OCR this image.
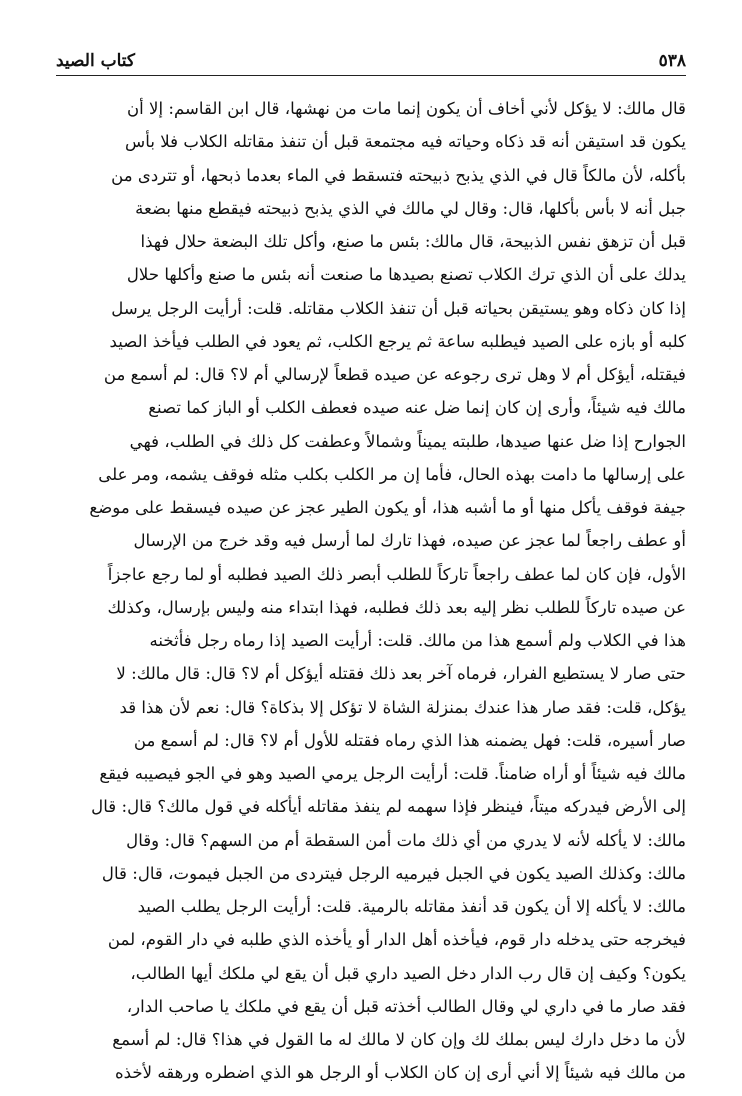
٥٣٨
كتاب الصيد
قال مالك: لا يؤكل لأني أخاف أن يكون إنما مات من نهشها، قال ابن القاسم: إلا أن
يكون قد استيقن أنه قد ذكاه وحياته فيه مجتمعة قبل أن تنفذ مقاتله الكلاب فلا بأس
بأكله، لأن مالكاً قال في الذي يذبح ذبيحته فتسقط في الماء بعدما ذبحها، أو تتردى من
جبل أنه لا بأس بأكلها، قال: وقال لي مالك في الذي يذبح ذبيحته فيقطع منها بضعة
قبل أن تزهق نفس الذبيحة، قال مالك: بئس ما صنع، وأكل تلك البضعة حلال فهذا
يدلك على أن الذي ترك الكلاب تصنع بصيدها ما صنعت أنه بئس ما صنع وأكلها حلال
إذا كان ذكاه وهو يستيقن بحياته قبل أن تنفذ الكلاب مقاتله. قلت: أرأيت الرجل يرسل
كلبه أو بازه على الصيد فيطلبه ساعة ثم يرجع الكلب، ثم يعود في الطلب فيأخذ الصيد
فيقتله، أيؤكل أم لا وهل ترى رجوعه عن صيده قطعاً لإرسالي أم لا؟ قال: لم أسمع من
مالك فيه شيئاً، وأرى إن كان إنما ضل عنه صيده فعطف الكلب أو الباز كما تصنع
الجوارح إذا ضل عنها صيدها، طلبته يميناً وشمالاً وعطفت كل ذلك في الطلب، فهي
على إرسالها ما دامت بهذه الحال، فأما إن مر الكلب بكلب مثله فوقف يشمه، ومر على
جيفة فوقف يأكل منها أو ما أشبه هذا، أو يكون الطير عجز عن صيده فيسقط على موضع
أو عطف راجعاً لما عجز عن صيده، فهذا تارك لما أرسل فيه وقد خرج من الإرسال
الأول، فإن كان لما عطف راجعاً تاركاً للطلب أبصر ذلك الصيد فطلبه أو لما رجع عاجزاً
عن صيده تاركاً للطلب نظر إليه بعد ذلك فطلبه، فهذا ابتداء منه وليس بإرسال، وكذلك
هذا في الكلاب ولم أسمع هذا من مالك. قلت: أرأيت الصيد إذا رماه رجل فأثخنه
حتى صار لا يستطيع الفرار، فرماه آخر بعد ذلك فقتله أيؤكل أم لا؟ قال: قال مالك: لا
يؤكل، قلت: فقد صار هذا عندك بمنزلة الشاة لا تؤكل إلا بذكاة؟ قال: نعم لأن هذا قد
صار أسيره، قلت: فهل يضمنه هذا الذي رماه فقتله للأول أم لا؟ قال: لم أسمع من
مالك فيه شيئاً أو أراه ضامناً. قلت: أرأيت الرجل يرمي الصيد وهو في الجو فيصيبه فيقع
إلى الأرض فيدركه ميتاً، فينظر فإذا سهمه لم ينفذ مقاتله أيأكله في قول مالك؟ قال: قال
مالك: لا يأكله لأنه لا يدري من أي ذلك مات أمن السقطة أم من السهم؟ قال: وقال
مالك: وكذلك الصيد يكون في الجبل فيرميه الرجل فيتردى من الجبل فيموت، قال: قال
مالك: لا يأكله إلا أن يكون قد أنفذ مقاتله بالرمية. قلت: أرأيت الرجل يطلب الصيد
فيخرجه حتى يدخله دار قوم، فيأخذه أهل الدار أو يأخذه الذي طلبه في دار القوم، لمن
يكون؟ وكيف إن قال رب الدار دخل الصيد داري قبل أن يقع لي ملكك أيها الطالب،
فقد صار ما في داري لي وقال الطالب أخذته قبل أن يقع في ملكك يا صاحب الدار،
لأن ما دخل دارك ليس بملك لك وإن كان لا مالك له ما القول في هذا؟ قال: لم أسمع
من مالك فيه شيئاً إلا أني أرى إن كان الكلاب أو الرجل هو الذي اضطره ورهقه لأخذه
